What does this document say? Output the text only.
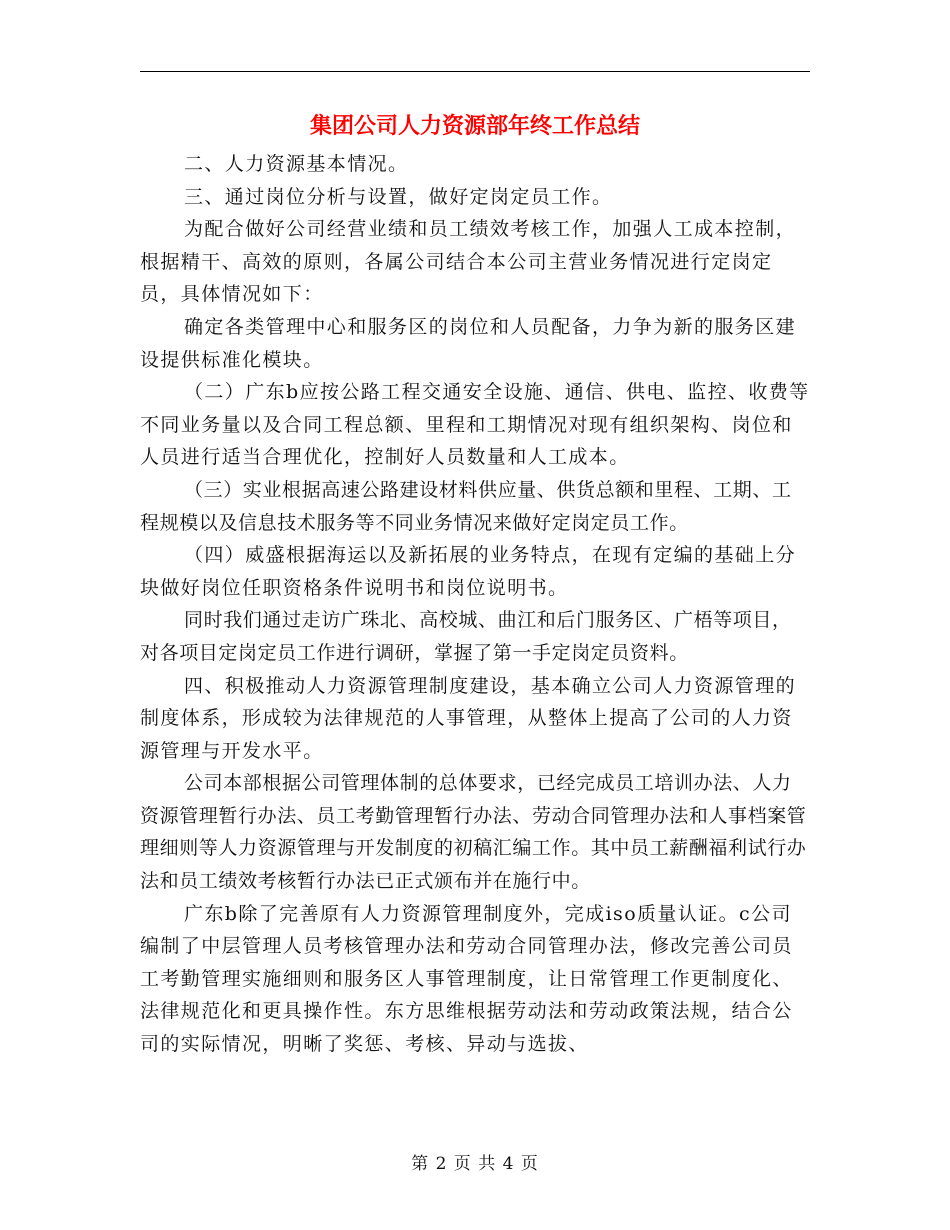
集团公司人力资源部年终工作总结

二、人力资源基本情况。

三、通过岗位分析与设置，做好定岗定员工作。

为配合做好公司经营业绩和员工绩效考核工作，加强人工成本控制，根据精干、高效的原则，各属公司结合本公司主营业务情况进行定岗定员，具体情况如下：

确定各类管理中心和服务区的岗位和人员配备，力争为新的服务区建设提供标准化模块。

（二）广东b应按公路工程交通安全设施、通信、供电、监控、收费等不同业务量以及合同工程总额、里程和工期情况对现有组织架构、岗位和人员进行适当合理优化，控制好人员数量和人工成本。

（三）实业根据高速公路建设材料供应量、供货总额和里程、工期、工程规模以及信息技术服务等不同业务情况来做好定岗定员工作。

（四）威盛根据海运以及新拓展的业务特点，在现有定编的基础上分块做好岗位任职资格条件说明书和岗位说明书。

同时我们通过走访广珠北、高校城、曲江和后门服务区、广梧等项目，对各项目定岗定员工作进行调研，掌握了第一手定岗定员资料。

四、积极推动人力资源管理制度建设，基本确立公司人力资源管理的制度体系，形成较为法律规范的人事管理，从整体上提高了公司的人力资源管理与开发水平。

公司本部根据公司管理体制的总体要求，已经完成员工培训办法、人力资源管理暂行办法、员工考勤管理暂行办法、劳动合同管理办法和人事档案管理细则等人力资源管理与开发制度的初稿汇编工作。其中员工薪酬福利试行办法和员工绩效考核暂行办法已正式颁布并在施行中。

广东b除了完善原有人力资源管理制度外，完成iso质量认证。c公司编制了中层管理人员考核管理办法和劳动合同管理办法，修改完善公司员工考勤管理实施细则和服务区人事管理制度，让日常管理工作更制度化、法律规范化和更具操作性。东方思维根据劳动法和劳动政策法规，结合公司的实际情况，明晰了奖惩、考核、异动与选拔、

第 2 页 共 4 页
